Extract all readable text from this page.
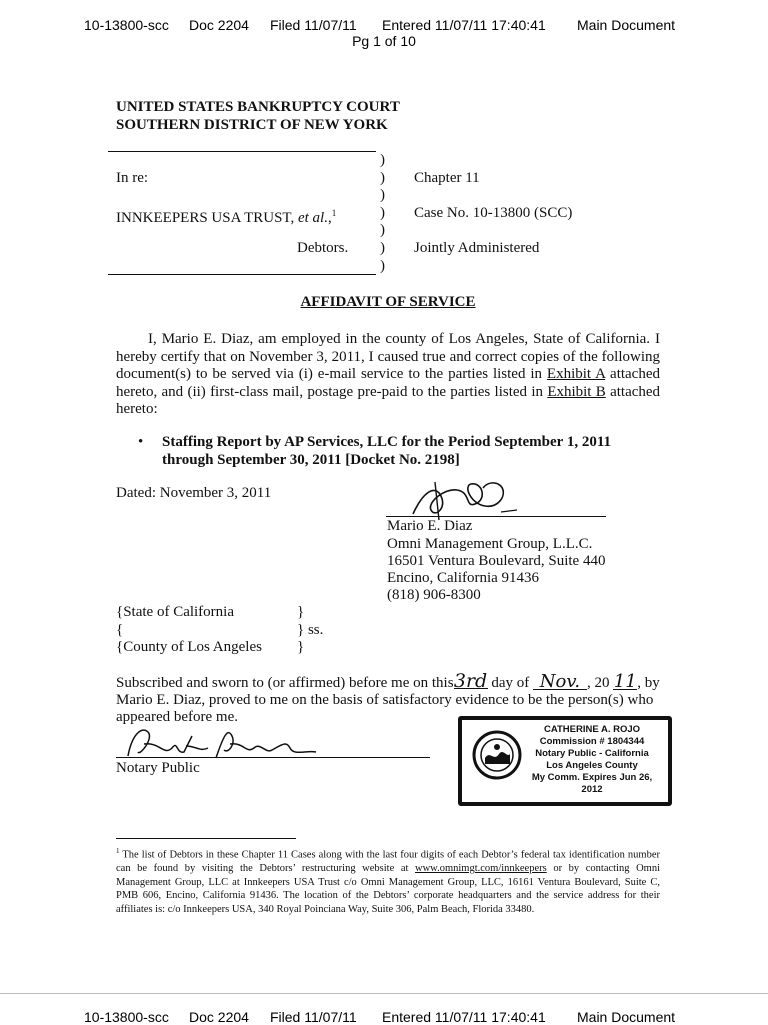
10-13800-scc Doc 2204 Filed 11/07/11 Entered 11/07/11 17:40:41 Main Document
Pg 1 of 10
UNITED STATES BANKRUPTCY COURT
SOUTHERN DISTRICT OF NEW YORK
)
)
)
)
)
)
)
In re:
INNKEEPERS USA TRUST, et al.,$^1$
Debtors.
Chapter 11
Case No. 10-13800 (SCC)
Jointly Administered
AFFIDAVIT OF SERVICE
I, Mario E. Diaz, am employed in the county of Los Angeles, State of California. I hereby certify that on November 3, 2011, I caused true and correct copies of the following document(s) to be served via (i) e-mail service to the parties listed in Exhibit A attached hereto, and (ii) first-class mail, postage pre-paid to the parties listed in Exhibit B attached hereto:
• Staffing Report by AP Services, LLC for the Period September 1, 2011
through September 30, 2011 [Docket No. 2198]
Dated: November 3, 2011
Mario E. Diaz
Omni Management Group, L.L.C.
16501 Ventura Boulevard, Suite 440
Encino, California 91436
(818) 906-8300
{State of California
{
{County of Los Angeles
}
} ss.
}
Subscribed and sworn to (or affirmed) before me on this3rd day of Nov. , 20 11, by
Mario E. Diaz, proved to me on the basis of satisfactory evidence to be the person(s) who
appeared before me.
Notary Public
CATHERINE A. ROJO
Commission # 1804344
Notary Public - California
Los Angeles County
My Comm. Expires Jun 26, 2012
$^1$ The list of Debtors in these Chapter 11 Cases along with the last four digits of each Debtor’s federal tax identification number can be found by visiting the Debtors’ restructuring website at www.omnimgt.com/innkeepers or by contacting Omni Management Group, LLC at Innkeepers USA Trust c/o Omni Management Group, LLC, 16161 Ventura Boulevard, Suite C, PMB 606, Encino, California 91436. The location of the Debtors’ corporate headquarters and the service address for their affiliates is: c/o Innkeepers USA, 340 Royal Poinciana Way, Suite 306, Palm Beach, Florida 33480.
10-13800-scc Doc 2204 Filed 11/07/11 Entered 11/07/11 17:40:41 Main Document
